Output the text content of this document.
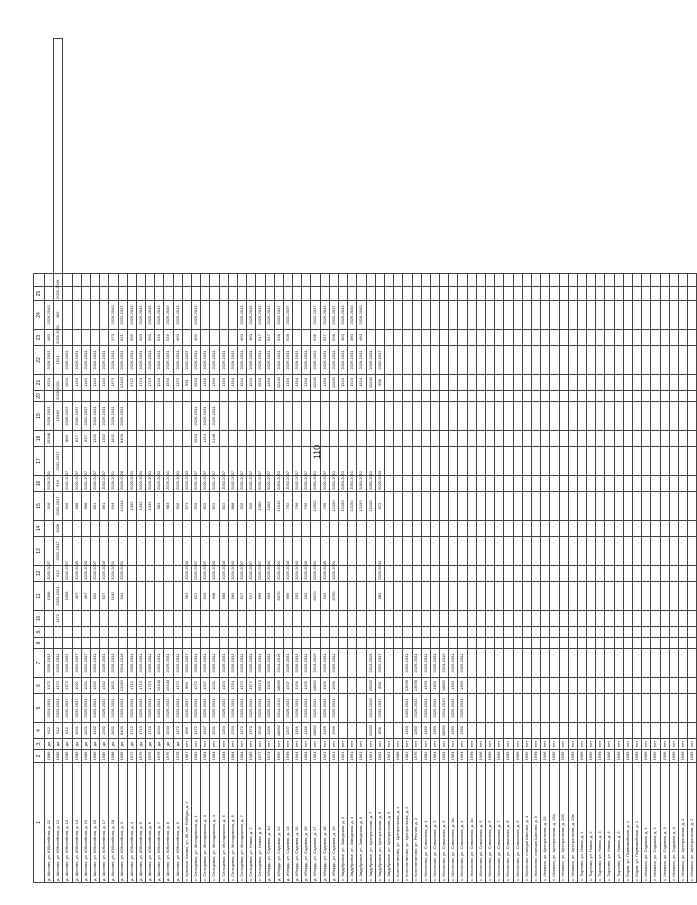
110
1	2	3	4	5	6	7	8	9	10	11	12	13	14	15	16	17	18	19	20	21	22	23	24	25		
д. Шилово, ул. Юбилейная, д. 11	1986	да	612	2024-2031	1372	2026-2031				1068	2032-2037			916	2026-2031		15348	2026-2031		1524	2026-2031	460	2026-2043			
д. Шилово, ул. Юбилейная, д. 12	1986	да	612	2026-2031	1372	2026-2031			1372	2026-2031	612	2032-2037	1068	2032-2037	916	2032-2037		15348	2026-2031		1524	2026-2031	460	2026-2043		
д. Шилово, ул. Юбилейная, д. 13	1986	да	612	2032-2037	1372	2026-2031				1068	2032-2037			916	2032-2037		883	2026-2037		1524	2026-2031					
д. Шилово, ул. Юбилейная, д. 14	1986	да	1021	2032-2037	1021	2032-2037				467	2026-2043			688	2032-2037		817	2032-2037		1143	2026-2031					
д. Шилово, ул. Юбилейная, д. 15	1986	да	1021	2026-2031	1021	2032-2037				467	2026-2043			688	2032-2037		817	2032-2037		1143	2026-2031					
д. Шилово, ул. Юбилейная, д. 16	1986	да	1332	2026-2031	1332	2026-2031				652	2032-2037			861	2032-2037		1332	2026-2031		1143	2026-2031					
д. Шилово, ул. Юбилейная, д. 17	1986	да	1332	2026-2031	1332	2026-2031				627	2026-2043			861	2032-2037		1332	2026-2031		1143	2026-2031					
д. Шилово, ул. Юбилейная, д. 18	1988	да	1602	2026-2031	1602	2026-2031				1182	2026-2031			934	2026-2031		1602	2026-2031		1373	2026-2031	373	2026-2043			
д. Шилово, ул. Юбилейная, д. 3	1985	да	8400	2026-2031	13462	2014-2016				941	2026-2031			12434	2026-2028		8400	2026-2031		12402	2026-2031	621	2032-2037			
д. Шилово, ул. Юбилейная, д. 4	1972	да	1712	2026-2031	1712	2026-2031								1432	2026-2031					1712	2026-2031	593	2026-2043			
д. Шилово, ул. Юбилейная, д. 5	1979	да	1713	2026-2031	1713	2026-2031								1432	2026-2031					1713	2026-2031	593	2026-2043			
д. Шилово, ул. Юбилейная, д. 6	1979	да	1713	2026-2031	1713	2026-2031								1432	2026-2031					1713	2026-2031	593	2026-2043			
д. Шилово, ул. Юбилейная, д. 7	1976	да	1544	2026-2031	15440	2026-2031								983	2026-2031					1534	2026-2031	516	2026-2043			
д. Шилово, ул. Юбилейная, д. 8	1976	да	1544	2026-2031	15440	2026-2031								983	2026-2031					1534	2026-2031	516	2026-2043			
д. Шилово, ул. Юбилейная, д. 9	1978	да	1372	2026-2031	1372	2026-2031								916	2026-2031					1372	2026-2031	460	2026-2043			
с. Красные Холмы, ул. 40 лет Победы, д. 2	1987	нет	856	2032-2037	856	2032-2037				361	2026-2043			571	2026-2043					951	2032-2037					
с. Сельцевка, ул. Молодежная, д. 1	1983	нет	1272	2026-2031	1272	2026-2031				617	2032-2037			915	2032-2037		1524	2026-2031		1524	2026-2031	460	2026-2043			
с. Сельцевка, ул. Молодежная, д. 3	1984	нет	1327	2026-2031	1327	2026-2031				526	2032-2037			822	2032-2037		1314	2026-2031		1316	2026-2031					
с. Сельцевка, ул. Молодежная, д. 4	1984	нет	1231	2026-2031	1231	2026-2031				608	2026-2043			822	2032-2037		2148	2026-2031		1334	2026-2031					
с. Сельцевка, ул. Молодежная, д. 5	1984	нет	1154	2026-2031	1154	2026-2031				588	2026-2043			822	2032-2037					1334	2026-2031					
с. Сельцевка, ул. Молодежная, д. 6	1984	нет	1254	2026-2031	1254	2026-2031				586	2026-2043			888	2032-2037					1334	2026-2031					
с. Сельцевка, ул. Молодежная, д. 7	1984	нет	1372	2026-2031	1372	2026-2031				617	2032-2037			915	2032-2037					1524	2026-2031	460	2026-2043			
с. Сельцевка, ул. Новая, д. 2	1985	нет	1372	2026-2031	1372	2026-2031				617	2032-2037			915	2032-2037					1524	2026-2031	460	2026-2043			
с. Сельцевка, ул. Новая, д. 8	1977	нет	1543	2026-2031	15470	2026-2031				666	2032-2037			1080	2032-2037					1524	2026-2031	517	2026-2043			
д. Ибердь, ул. Садовая, д. 10	1974	нет	1156	2026-2031	1156	2026-2031				564	2026-2043			1003	2032-2037					1334	2026-2031	517	2026-2043			
д. Ибердь, ул. Садовая, д. 12	1966	нет	18892	2014-2016	18892	2014-2016				8370	2026-2031			12542	2050-2051					10432	2026-2031	628	2032-2037			
д. Ибердь, ул. Садовая, д. 14	1966	нет	1207	2026-2031	1207	2026-2031				966	2026-2043			762	2032-2037					1334	2026-2031	628	2032-2037			
д. Ибердь, ул. Садовая, д. 15	1964	нет	1156	2026-2031	1156	2026-2031				532	2026-2043			796	2032-2037					1334	2026-2031					
д. Ибердь, ул. Садовая, д. 16	1964	нет	1156	2026-2031	1156	2026-2031				532	2026-2043			796	2032-2037					1334	2026-2031					
д. Ибердь, ул. Садовая, д. 17	1964	нет	18892	2026-2031	18892	2014-2016				8370	2026-2031			12502	2050-2051					10432	2026-2031	628	2032-2037			
д. Ибердь, ул. Садовая, д. 18	1961	нет	1156	2026-2031	1156	2026-2031				532	2026-2043			796	2032-2037					1334	2026-2031	517	2026-2043			
д. Ибердь, ул. Садовая, д. 19	1961	нет	1569	2026-2031	1569	2026-2031				8750	2026-2031			12150	2050-2051					10432	2026-2031	628	2032-2037			
с. Змдубровье, ул. Заводская, д. 3	1961	нет												12150	2050-2051					1524	2026-2031	460	2026-2043			
с. Змдубровье, ул. Заводская, д. 4	1961	нет												12150	2050-2051					1524	2026-2031	460	2026-2043			
с. Змдубровье, ул. Заводская, д. 6	1961	нет												12150	2050-2051					1524	2026-2031	460	2026-2043			
с. Змдубровье, ул. Центральная, д. 7	1961	нет	20532	2014-2016	20532	2014-2016								15100	2050-2051					10432	2026-2031					
с. Змдубровье, ул. Центральная, д. 8	1961	нет	858	2032-2037	858	2032-2037				383	2026-2043			572	2026-2043					958	2032-2037					
с. Змдубровье, ул. Центральная, д. 9	1961	нет																								
с. Константиново, ул. Центральная, д. 1	1986	нет																								
с. Константиново, ул. Центральная, д. 2	1982	нет	1363	2026-2031	13630	2026-2031																				
с. Константиново, ул. Речная, д. 2	1976	нет	1363	2026-2031	13630	2026-2031																				
с. Мосолово, ул. Совхозная, д. 1	1982	нет	1363	2026-2031	1363	2026-2031																				
с. Мосолово, ул. Совхозная, д. 2	1964	нет	1363	2026-2031	1363	2026-2031																				
с. Мосолово, ул. Совхозная, д. 3	1964	нет	18892	2014-2016	18892	2014-2016																				
с. Мосолово, ул. Совхозная, д. 3а	1964	нет	1363	2026-2031	1363	2026-2031																				
с. Мосолово, ул. Совхозная, д. 4	1964	нет	1363	2026-2031	1363	2026-2031																				
с. Мосолово, ул. Совхозная, д. 4а	1966	нет																								
с. Мосолово, ул. Совхозная, д. 5	1966	нет																								
с. Мосолово, ул. Совхозная, д. 6	1966	нет																								
с. Мосолово, ул. Совхозная, д. 7	1966	нет																								
с. Мосолово, ул. Совхозная, д. 8	1966	нет																								
с. Мосолово, ул. Совхозная, д. 9	1966	нет																								
с. Мосолово, станция Шилово, д. 4	1966	нет																								
с. Мосолово, станция Шилово, д. 5	1966	нет																								
с. Инякино, ул. Центральная, д. 13	1966	нет																								
с. Инякино, ул. Центральная, д. 13а	1966	нет																								
с. Инякино, ул. Центральная, д. 13б	1966	нет																								
с. Инякино, ул. Центральная, д. 13в	1966	нет																								
с. Тырново, ул. Новая, д. 1	1966	нет																								
с. Тырново, ул. Новая, д. 2	1966	нет																								
с. Тырново, ул. Новая, д. 3	1966	нет																								
с. Тырново, ул. Новая, д. 4	1966	нет																								
с. Тырново, ул. Новая, д. 5	1966	нет																								
с. Борки, ул. Первомайская, д. 1	1966	нет																								
с. Борки, ул. Первомайская, д. 2	1966	нет																								
с. Инякино, ул. Садовая, д. 1	1966	нет																								
с. Инякино, ул. Садовая, д. 2	1966	нет																								
с. Инякино, ул. Садовая, д. 3	1966	нет																								
с. Инякино, ул. Садовая, д. 4	1966	нет																								
с. Инякино, ул. Центральная, д. 1	1966	нет																								
с. Инякино, ул. Центральная, д. 2	1966	нет																								
